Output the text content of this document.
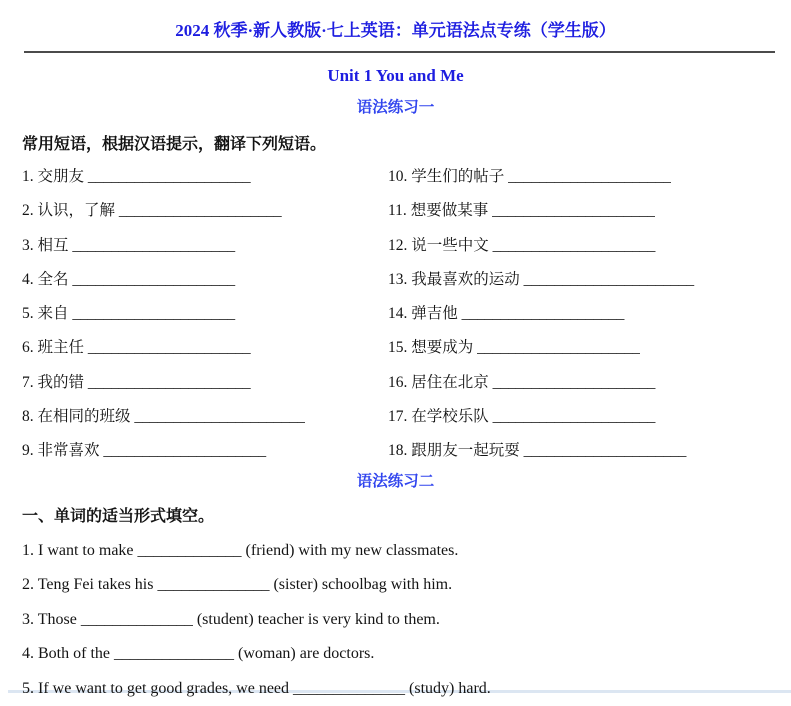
2024 秋季·新人教版·七上英语：单元语法点专练（学生版）
Unit 1 You and Me
语法练习一
常用短语，根据汉语提示，翻译下列短语。
1. 交朋友 _____________________
2. 认识，了解 _____________________
3. 相互 _____________________
4. 全名 _____________________
5. 来自 _____________________
6. 班主任 _____________________
7. 我的错 _____________________
8. 在相同的班级 ______________________
9. 非常喜欢 _____________________
10. 学生们的帖子 _____________________
11. 想要做某事 _____________________
12. 说一些中文 _____________________
13. 我最喜欢的运动 ______________________
14. 弹吉他 _____________________
15. 想要成为 _____________________
16. 居住在北京 _____________________
17. 在学校乐队 _____________________
18. 跟朋友一起玩耍 _____________________
语法练习二
一、单词的适当形式填空。
1. I want to make _____________ (friend) with my new classmates.
2. Teng Fei takes his ______________ (sister) schoolbag with him.
3. Those ______________ (student) teacher is very kind to them.
4. Both of the _______________ (woman) are doctors.
5. If we want to get good grades, we need ______________ (study) hard.
